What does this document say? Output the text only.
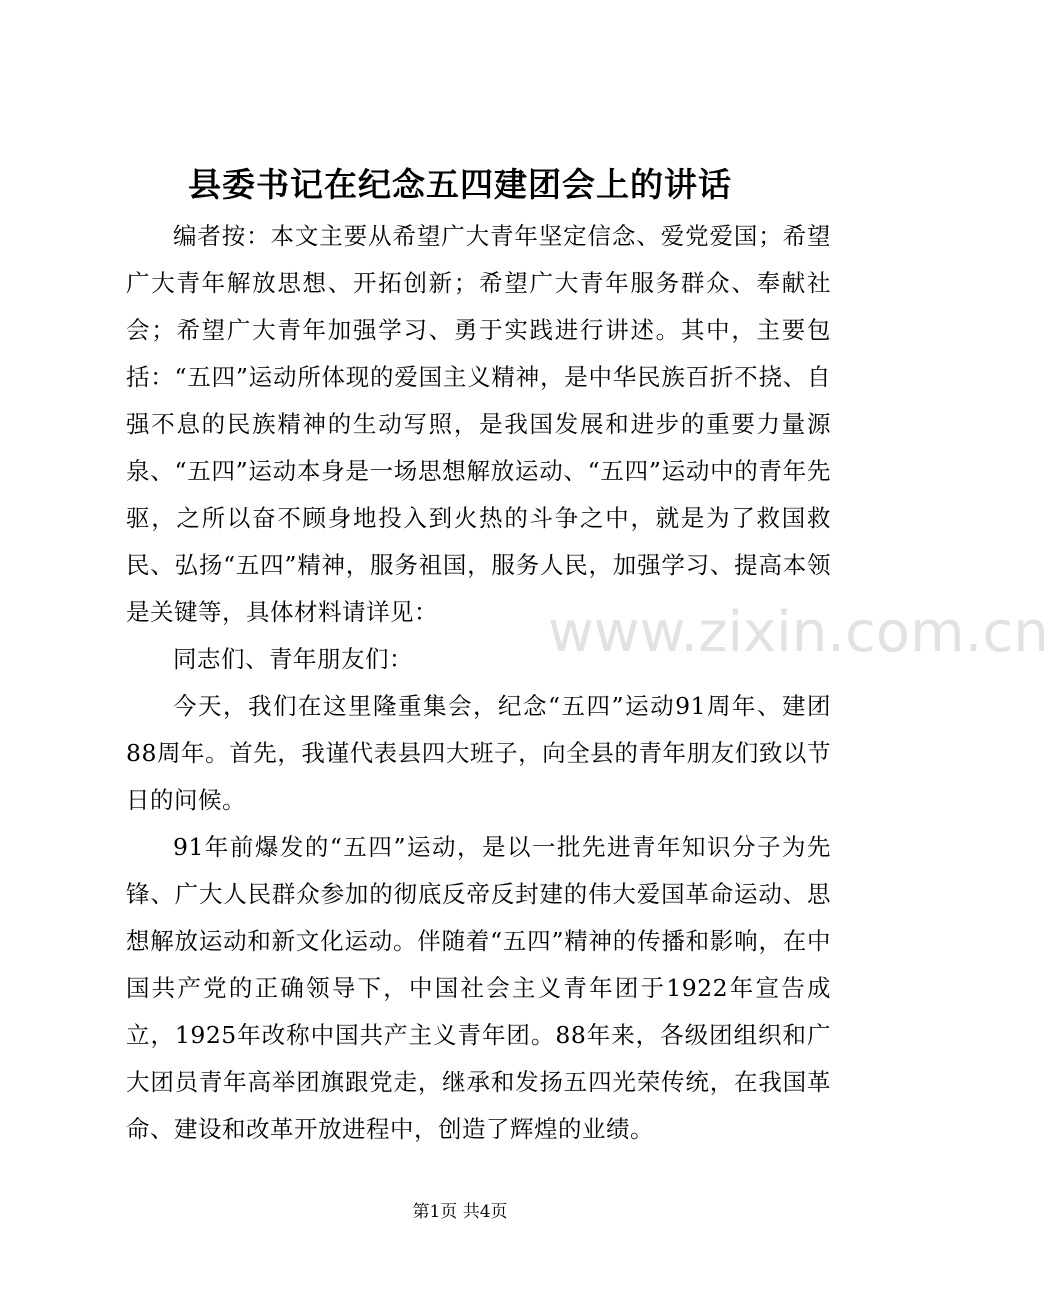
县委书记在纪念五四建团会上的讲话

编者按：本文主要从希望广大青年坚定信念、爱党爱国；希望广大青年解放思想、开拓创新；希望广大青年服务群众、奉献社会；希望广大青年加强学习、勇于实践进行讲述。其中，主要包括：“五四”运动所体现的爱国主义精神，是中华民族百折不挠、自强不息的民族精神的生动写照，是我国发展和进步的重要力量源泉、“五四”运动本身是一场思想解放运动、“五四”运动中的青年先驱，之所以奋不顾身地投入到火热的斗争之中，就是为了救国救民、弘扬“五四”精神，服务祖国，服务人民，加强学习、提高本领是关键等，具体材料请详见：

同志们、青年朋友们：

今天，我们在这里隆重集会，纪念“五四”运动91周年、建团88周年。首先，我谨代表县四大班子，向全县的青年朋友们致以节日的问候。

91年前爆发的“五四”运动，是以一批先进青年知识分子为先锋、广大人民群众参加的彻底反帝反封建的伟大爱国革命运动、思想解放运动和新文化运动。伴随着“五四”精神的传播和影响，在中国共产党的正确领导下，中国社会主义青年团于1922年宣告成立，1925年改称中国共产主义青年团。88年来，各级团组织和广大团员青年高举团旗跟党走，继承和发扬五四光荣传统，在我国革命、建设和改革开放进程中，创造了辉煌的业绩。

www.zixin.com.cn
第1页 共4页
